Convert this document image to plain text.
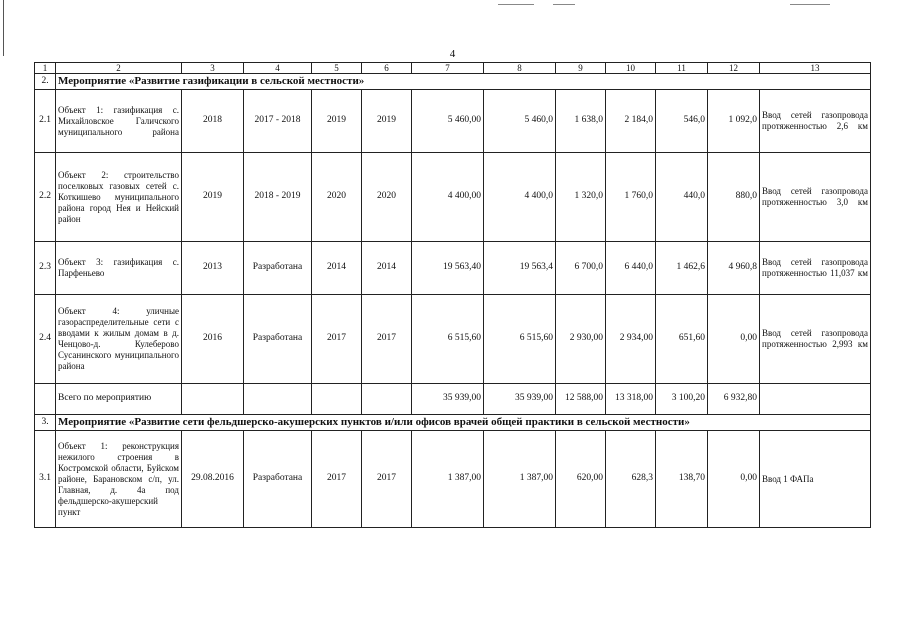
4
1	2	3	4	5	6	7	8	9	10	11	12	13
2.	Мероприятие «Развитие газификации в сельской местности»											
2.1	Объект 1: газификация с. Михайловское Галичского муниципального района	2018	2017 - 2018	2019	2019	5 460,00	5 460,0	1 638,0	2 184,0	546,0	1 092,0	Ввод сетей газопровода протяженностью 2,6 км
2.2	Объект 2: строительство поселковых газовых сетей с. Коткишево муниципального района город Нея и Нейский район	2019	2018 - 2019	2020	2020	4 400,00	4 400,0	1 320,0	1 760,0	440,0	880,0	Ввод сетей газопровода протяженностью 3,0 км
2.3	Объект 3: газификация с. Парфеньево	2013	Разработана	2014	2014	19 563,40	19 563,4	6 700,0	6 440,0	1 462,6	4 960,8	Ввод сетей газопровода протяженностью 11,037 км
2.4	Объект 4: уличные газораспределительные сети с вводами к жилым домам в д. Ченцово-д. Кулеберово Сусанинского муниципального района	2016	Разработана	2017	2017	6 515,60	6 515,60	2 930,00	2 934,00	651,60	0,00	Ввод сетей газопровода протяженностью 2,993 км
	Всего по мероприятию					35 939,00	35 939,00	12 588,00	13 318,00	3 100,20	6 932,80	
3.	Мероприятие «Развитие сети фельдшерско-акушерских пунктов и/или офисов врачей общей практики в сельской местности»											
3.1	Объект 1: реконструкция нежилого строения в Костромской области, Буйском районе, Барановском с/п, ул. Главная, д. 4а под фельдшерско-акушерский пункт	29.08.2016	Разработана	2017	2017	1 387,00	1 387,00	620,00	628,3	138,70	0,00	Ввод 1 ФАПа
